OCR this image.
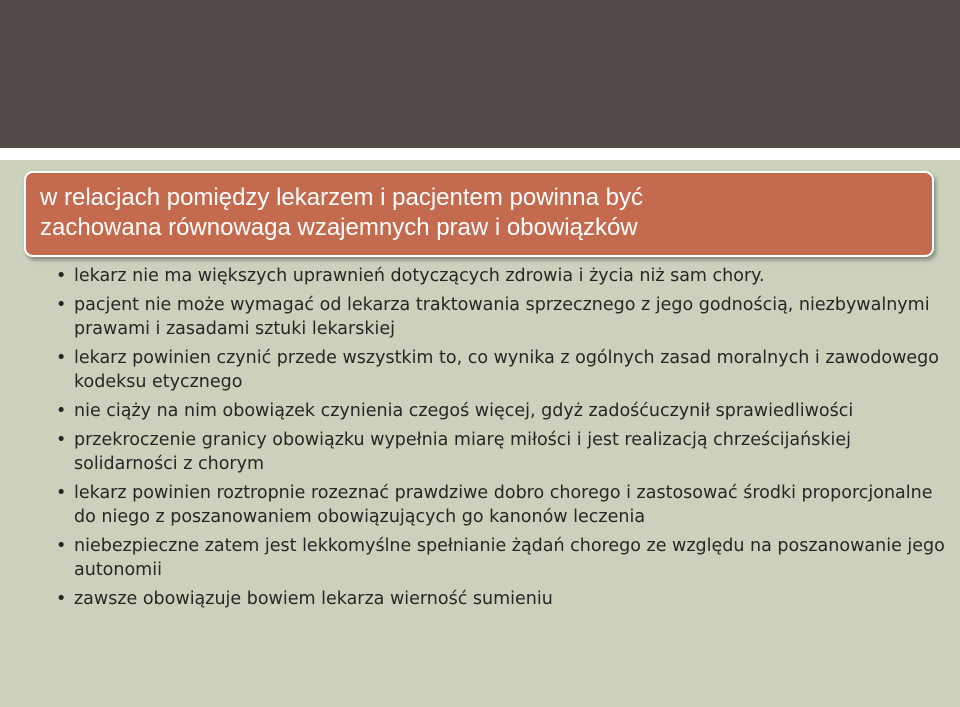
w relacjach pomiędzy lekarzem i pacjentem powinna być
zachowana równowaga wzajemnych praw i obowiązków
• lekarz nie ma większych uprawnień dotyczących zdrowia i życia niż sam chory.
• pacjent nie może wymagać od lekarza traktowania sprzecznego z jego godnością, niezbywalnymi prawami i zasadami sztuki lekarskiej
• lekarz powinien czynić przede wszystkim to, co wynika z ogólnych zasad moralnych i zawodowego kodeksu etycznego
• nie ciąży na nim obowiązek czynienia czegoś więcej, gdyż zadośćuczynił sprawiedliwości
• przekroczenie granicy obowiązku wypełnia miarę miłości i jest realizacją chrześcijańskiej solidarności z chorym
• lekarz powinien roztropnie rozeznać prawdziwe dobro chorego i zastosować środki proporcjonalne do niego z poszanowaniem obowiązujących go kanonów leczenia
• niebezpieczne zatem jest lekkomyślne spełnianie żądań chorego ze względu na poszanowanie jego autonomii
• zawsze obowiązuje bowiem lekarza wierność sumieniu
